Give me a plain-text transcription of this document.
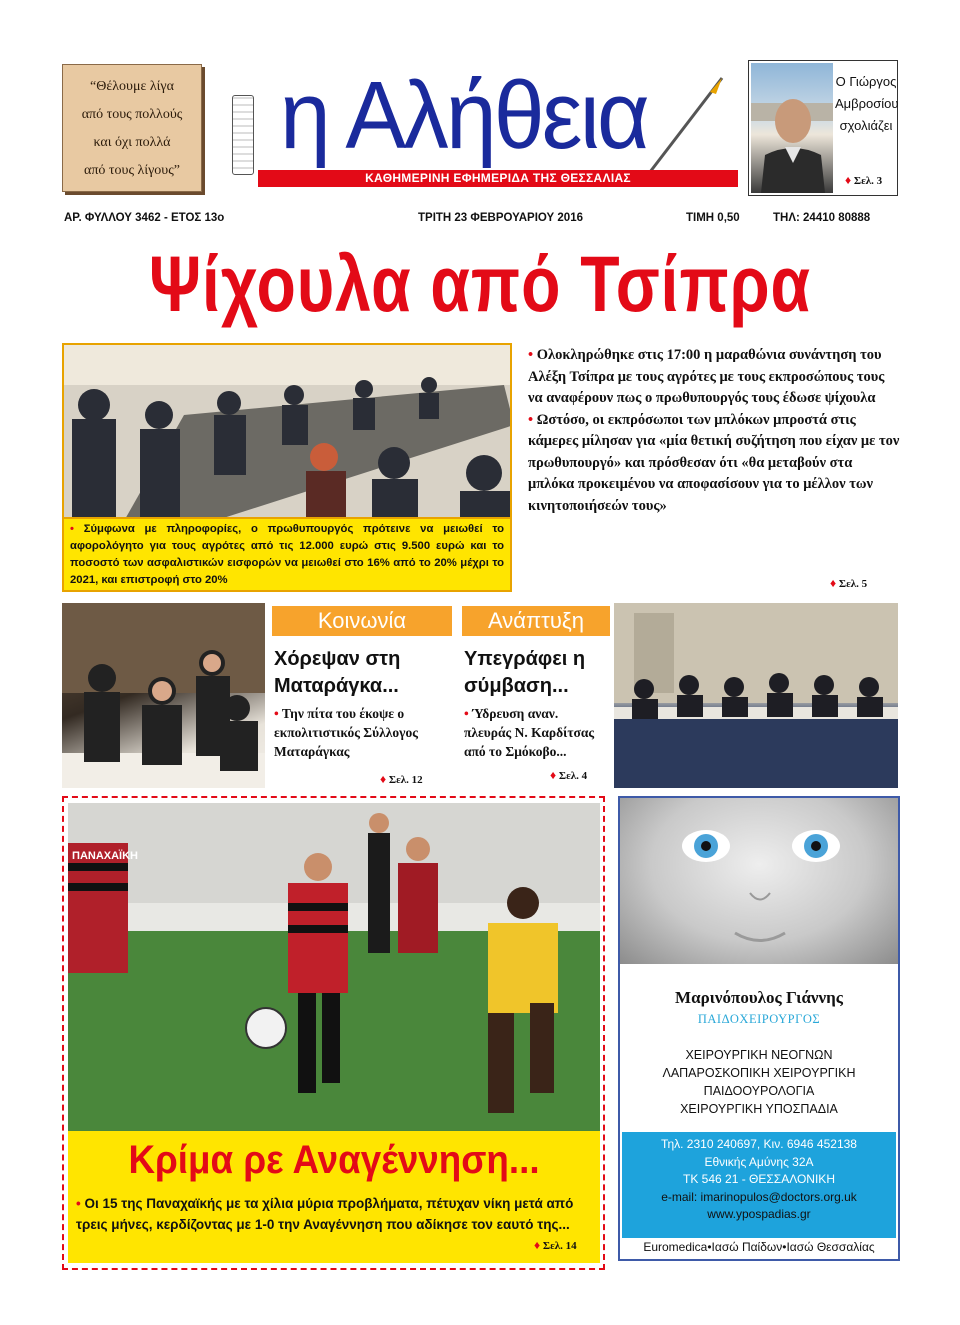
“Θέλουμε λίγα
από τους πολλούς
και όχι πολλά
από τους λίγους”
η Αλήθεια
ΚΑΘΗΜΕΡΙΝΗ ΕΦΗΜΕΡΙΔΑ ΤΗΣ ΘΕΣΣΑΛΙΑΣ
Ο Γιώργος
Αμβροσίου
σχολιάζει
♦ Σελ. 3
ΑΡ. ΦΥΛΛΟΥ 3462 - ΕΤΟΣ 13ο	ΤΡΙΤΗ 23 ΦΕΒΡΟΥΑΡΙΟΥ 2016	ΤΙΜΗ 0,50	ΤΗΛ: 24410 80888
Ψίχουλα από Τσίπρα
• Σύμφωνα με πληροφορίες, ο πρωθυπουργός πρότεινε να μειωθεί το αφορολόγητο για τους αγρότες από τις 12.000 ευρώ στις 9.500 ευρώ και το ποσοστό των ασφαλιστικών εισφορών να μειωθεί στο 16% από το 20% μέχρι το 2021, και επιστροφή στο 20%

• Ολοκληρώθηκε στις 17:00 η μαραθώνια συνάντηση του Αλέξη Τσίπρα με τους αγρότες με τους εκπροσώπους τους να αναφέρουν πως ο πρωθυπουργός τους έδωσε ψίχουλα

• Ωστόσο, οι εκπρόσωποι των μπλόκων μπροστά στις κάμερες μίλησαν για «μία θετική συζήτηση που είχαν με τον πρωθυπουργό» και πρόσθεσαν ότι «θα μεταβούν στα μπλόκα προκειμένου να αποφασίσουν για το μέλλον των κινητοποιήσεών τους»

♦ Σελ. 5
Κοινωνία
Χόρεψαν στη
Ματαράγκα...
• Την πίτα του έκοψε ο εκπολιτιστικός Σύλλογος Ματαράγκας
♦ Σελ. 12
Ανάπτυξη
Υπεγράφει η
σύμβαση...
• Ύδρευση αναν. πλευράς Ν. Καρδίτσας από το Σμόκοβο...
♦ Σελ. 4
ΠΑΝΑΧΑΪΚΗ
Κρίμα ρε Αναγέννηση...
• Οι 15 της Παναχαϊκής με τα χίλια μύρια προβλήματα, πέτυχαν νίκη μετά από τρεις μήνες, κερδίζοντας με 1-0 την Αναγέννηση που αδίκησε τον εαυτό της...
♦ Σελ. 14
Μαρινόπουλος Γιάννης
ΠΑΙΔΟΧΕΙΡΟΥΡΓΟΣ
ΧΕΙΡΟΥΡΓΙΚΗ ΝΕΟΓΝΩΝ
ΛΑΠΑΡΟΣΚΟΠΙΚΗ ΧΕΙΡΟΥΡΓΙΚΗ
ΠΑΙΔΟΟΥΡΟΛΟΓΙΑ
ΧΕΙΡΟΥΡΓΙΚΗ ΥΠΟΣΠΑΔΙΑ
Τηλ. 2310 240697, Κιν. 6946 452138
Εθνικής Αμύνης 32Α
ΤΚ 546 21 - ΘΕΣΣΑΛΟΝΙΚΗ
e-mail: imarinopulos@doctors.org.uk
www.ypospadias.gr
Euromedica•Ιασώ Παίδων•Ιασώ Θεσσαλίας
